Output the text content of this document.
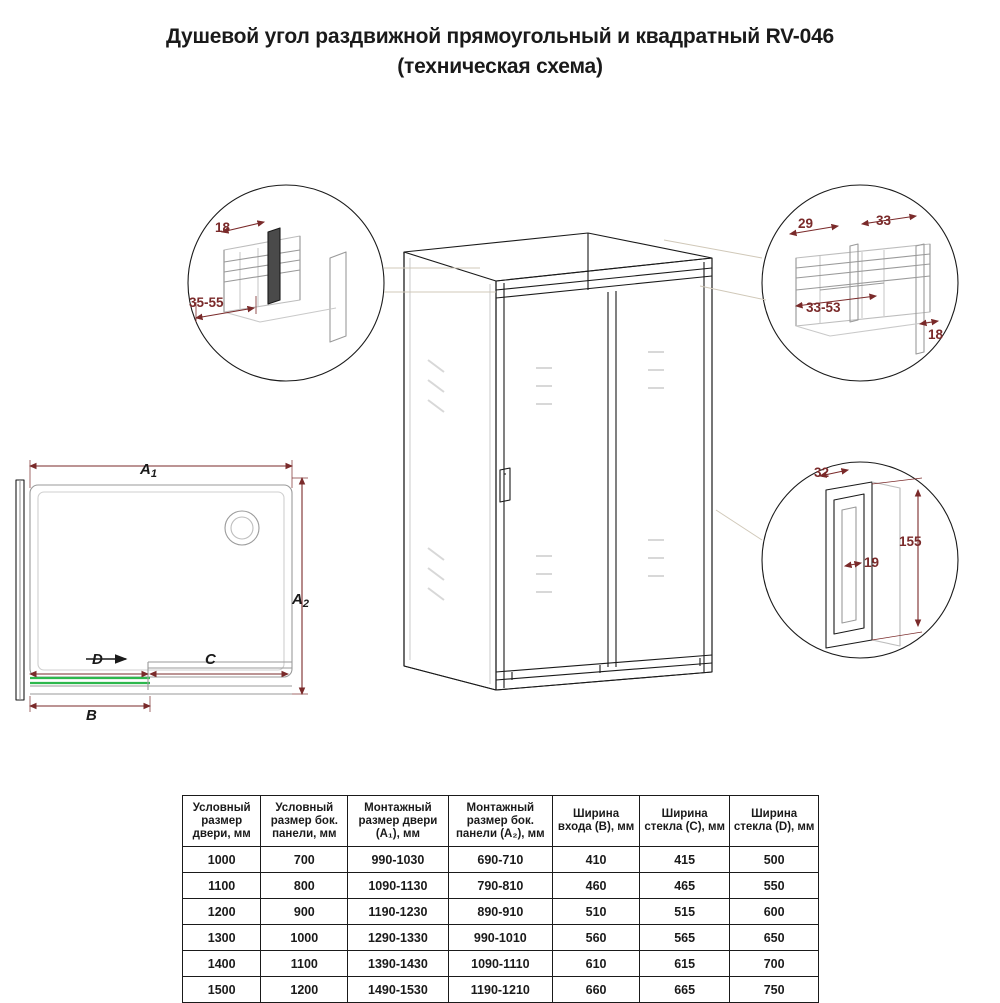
Душевой угол раздвижной прямоугольный и квадратный RV-046
(техническая схема)
18
35-55
29	33
33-53
18
32
19
155
$A_1$
$A_2$
C
D
B
Условный размер двери, мм	Условный размер бок. панели, мм	Монтажный размер двери (A₁), мм	Монтажный размер бок. панели (A₂), мм	Ширина входа (B), мм	Ширина стекла (C), мм	Ширина стекла (D), мм
1000	700	990-1030	690-710	410	415	500
1100	800	1090-1130	790-810	460	465	550
1200	900	1190-1230	890-910	510	515	600
1300	1000	1290-1330	990-1010	560	565	650
1400	1100	1390-1430	1090-1110	610	615	700
1500	1200	1490-1530	1190-1210	660	665	750
